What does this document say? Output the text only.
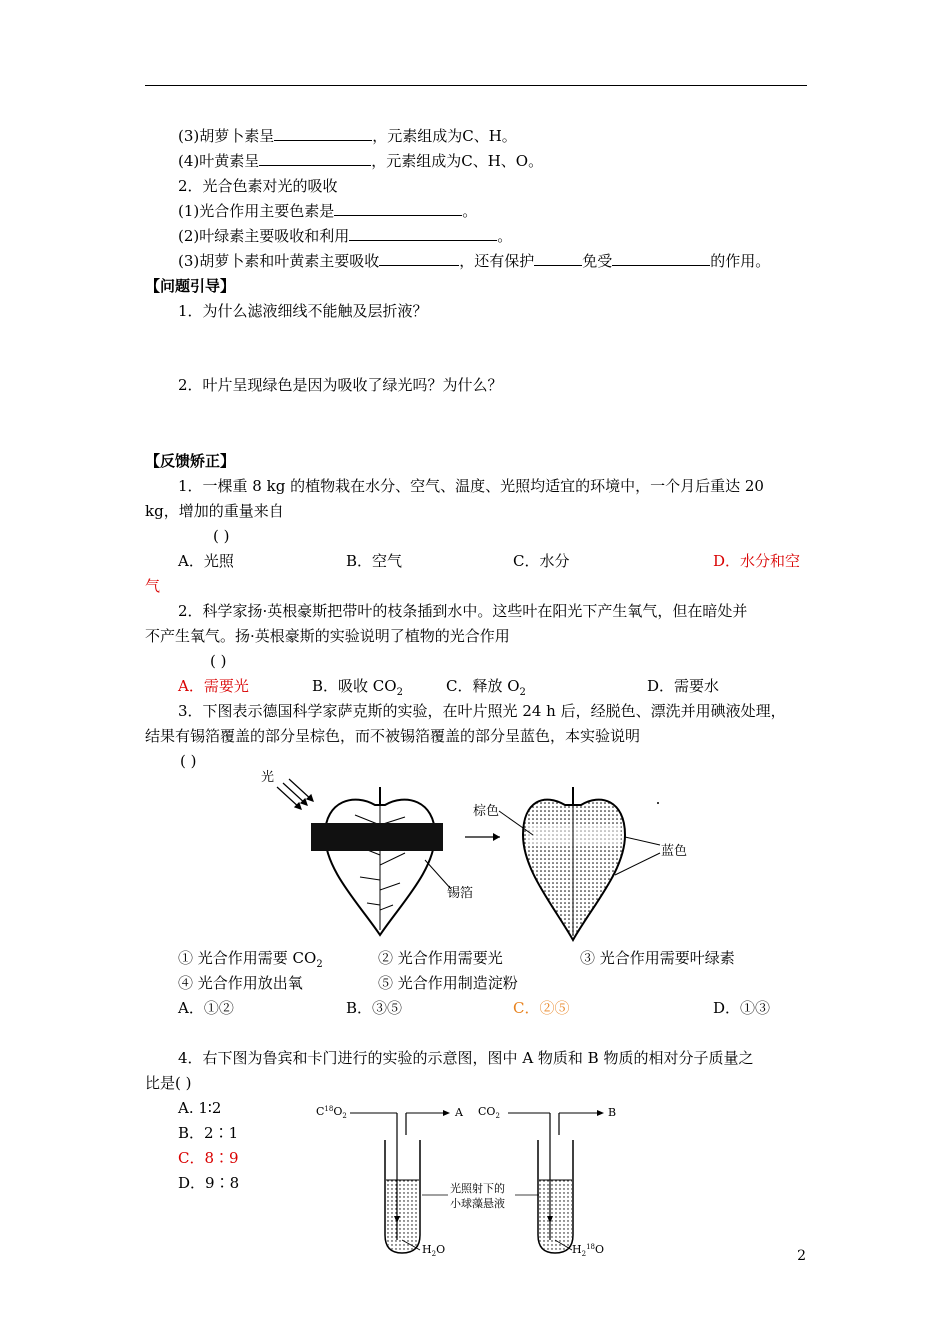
(3)胡萝卜素呈	，元素组成为C、H。
(4)叶黄素呈	，元素组成为C、H、O。
2．光合色素对光的吸收
(1)光合作用主要色素是	。
(2)叶绿素主要吸收和利用	。
(3)胡萝卜素和叶黄素主要吸收	，还有保护	免受	的作用。
【问题引导】
1．为什么滤液细线不能触及层折液？
2．叶片呈现绿色是因为吸收了绿光吗？为什么？
【反馈矫正】
1．一棵重 8 kg 的植物栽在水分、空气、温度、光照均适宜的环境中，一个月后重达 20
kg，增加的重量来自
( )
A．光照	B．空气	C．水分	D．水分和空
气
2．科学家扬·英根豪斯把带叶的枝条插到水中。这些叶在阳光下产生氧气，但在暗处并
不产生氧气。扬·英根豪斯的实验说明了植物的光合作用
( )
A．需要光	B．吸收 $CO_2$	C．释放 $O_2$	D．需要水
3．下图表示德国科学家萨克斯的实验，在叶片照光 24 h 后，经脱色、漂洗并用碘液处理，
结果有锡箔覆盖的部分呈棕色，而不被锡箔覆盖的部分呈蓝色，本实验说明
( )
光
锡箔
棕色
蓝色
① 光合作用需要 $CO_2$	② 光合作用需要光	③ 光合作用需要叶绿素
④ 光合作用放出氧	⑤ 光合作用制造淀粉
A．①②	B．③⑤	C．②⑤	D．①③
4．右下图为鲁宾和卡门进行的实验的示意图，图中 A 物质和 B 物质的相对分子质量之
比是( )
A. 1∶2
B．2∶1
C．8∶9
D．9∶8
$C^{18}O_2$	A $CO_2$	B
$H_2O$	$H_2^{18}O$
光照射下的
小球藻悬液
2
